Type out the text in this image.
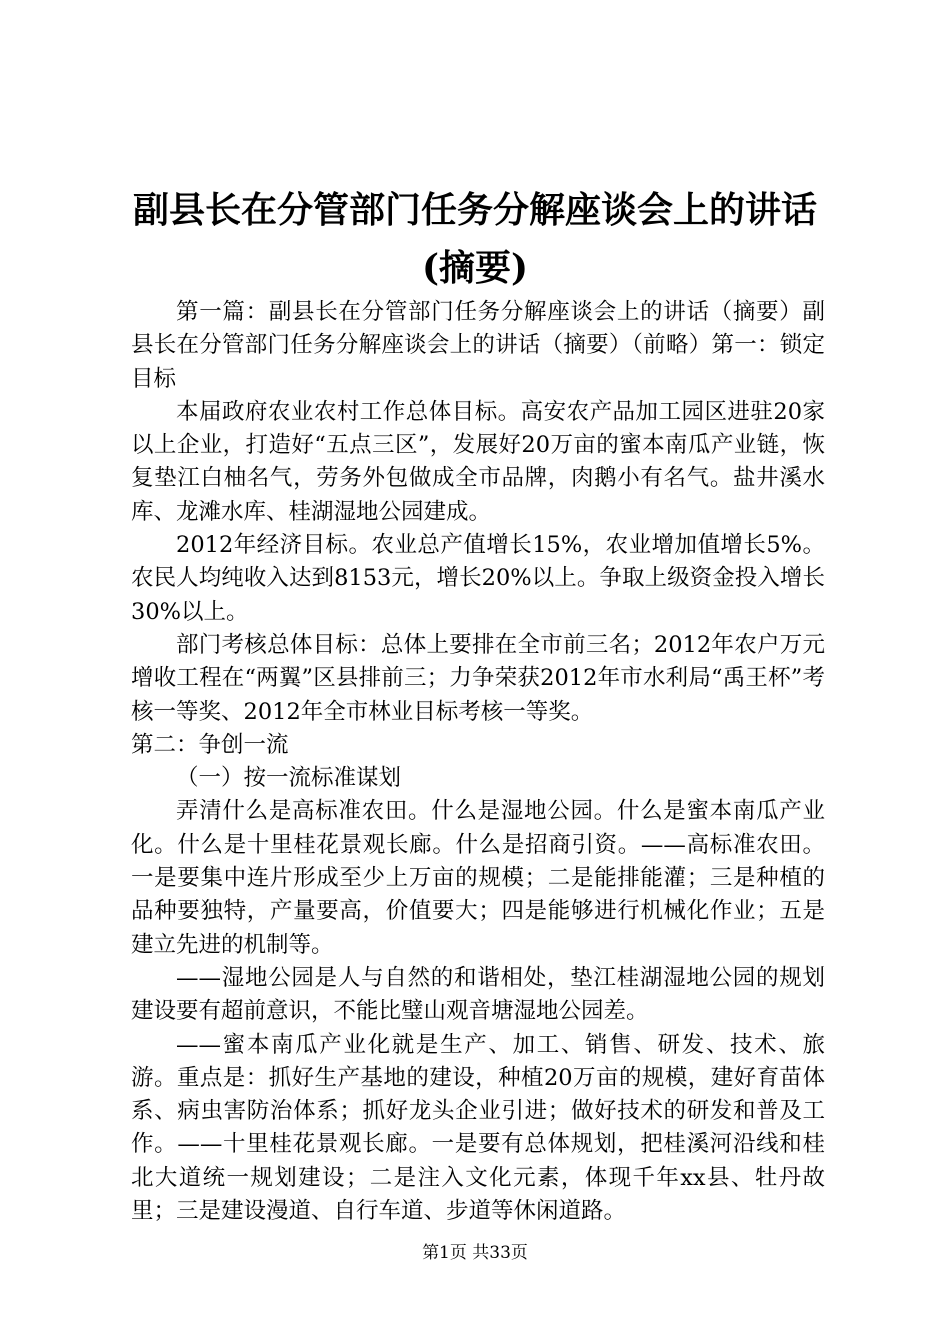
副县长在分管部门任务分解座谈会上的讲话
(摘要)

第一篇：副县长在分管部门任务分解座谈会上的讲话（摘要）副县长在分管部门任务分解座谈会上的讲话（摘要）（前略）第一：锁定目标

本届政府农业农村工作总体目标。高安农产品加工园区进驻20家以上企业，打造好“五点三区”，发展好20万亩的蜜本南瓜产业链，恢复垫江白柚名气，劳务外包做成全市品牌，肉鹅小有名气。盐井溪水库、龙滩水库、桂湖湿地公园建成。

2012年经济目标。农业总产值增长15%，农业增加值增长5%。农民人均纯收入达到8153元，增长20%以上。争取上级资金投入增长30%以上。

部门考核总体目标：总体上要排在全市前三名；2012年农户万元增收工程在“两翼”区县排前三；力争荣获2012年市水利局“禹王杯”考核一等奖、2012年全市林业目标考核一等奖。

第二：争创一流

（一）按一流标准谋划

弄清什么是高标准农田。什么是湿地公园。什么是蜜本南瓜产业化。什么是十里桂花景观长廊。什么是招商引资。——高标准农田。一是要集中连片形成至少上万亩的规模；二是能排能灌；三是种植的品种要独特，产量要高，价值要大；四是能够进行机械化作业；五是建立先进的机制等。

——湿地公园是人与自然的和谐相处，垫江桂湖湿地公园的规划建设要有超前意识，不能比璧山观音塘湿地公园差。

——蜜本南瓜产业化就是生产、加工、销售、研发、技术、旅游。重点是：抓好生产基地的建设，种植20万亩的规模，建好育苗体系、病虫害防治体系；抓好龙头企业引进；做好技术的研发和普及工作。——十里桂花景观长廊。一是要有总体规划，把桂溪河沿线和桂北大道统一规划建设；二是注入文化元素，体现千年xx县、牡丹故里；三是建设漫道、自行车道、步道等休闲道路。

第1页 共33页
